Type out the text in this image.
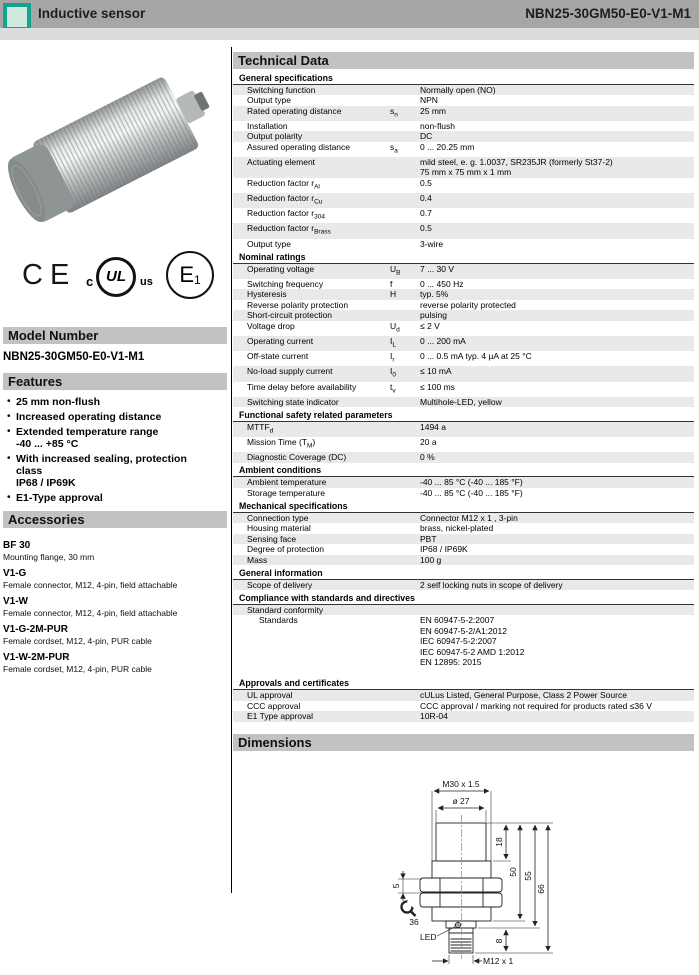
Inductive sensor	NBN25-30GM50-E0-V1-M1
CE c UL	us	E1
Model Number
NBN25-30GM50-E0-V1-M1
Features
• 25 mm non-flush
• Increased operating distance
• Extended temperature range
-40 ... +85 °C
• With increased sealing, protection
class
IP68 / IP69K
• E1-Type approval
Accessories
BF 30
Mounting flange, 30 mm
V1-G
Female connector, M12, 4-pin, field attachable
V1-W
Female connector, M12, 4-pin, field attachable
V1-G-2M-PUR
Female cordset, M12, 4-pin, PUR cable
V1-W-2M-PUR
Female cordset, M12, 4-pin, PUR cable
Technical Data
General specifications
Switching function	Normally open (NO)
Output type	NPN
Rated operating distance	$s_n$	25 mm
Installation	non-flush
Output polarity	DC
Assured operating distance	$s_a$	0 ... 20.25 mm
Actuating element	mild steel, e. g. 1.0037, SR235JR (formerly St37-2)
75 mm x 75 mm x 1 mm
Reduction factor $r_{Al}$	0.5
Reduction factor $r_{Cu}$	0.4
Reduction factor $r_{304}$	0.7
Reduction factor $r_{Brass}$	0.5
Output type	3-wire
Nominal ratings
Operating voltage	$U_B$	7 ... 30 V
Switching frequency	f	0 ... 450 Hz
Hysteresis	H	typ. 5%
Reverse polarity protection	reverse polarity protected
Short-circuit protection	pulsing
Voltage drop	$U_d$	≤ 2 V
Operating current	$I_L$	0 ... 200 mA
Off-state current	$I_r$	0 ... 0.5 mA typ. 4 µA at 25 °C
No-load supply current	$I_0$	≤ 10 mA
Time delay before availability	$t_v$	≤ 100 ms
Switching state indicator	Multihole-LED, yellow
Functional safety related parameters
$MTTF_d$	1494 a
Mission Time $(T_M)$	20 a
Diagnostic Coverage (DC)	0 %
Ambient conditions
Ambient temperature	-40 ... 85 °C (-40 ... 185 °F)
Storage temperature	-40 ... 85 °C (-40 ... 185 °F)
Mechanical specifications
Connection type	Connector M12 x 1 , 3-pin
Housing material	brass, nickel-plated
Sensing face	PBT
Degree of protection	IP68 / IP69K
Mass	100 g
General information
Scope of delivery	2 self locking nuts in scope of delivery
Compliance with standards and directives
Standard conformity
Standards	EN 60947-5-2:2007
EN 60947-5-2/A1:2012
IEC 60947-5-2:2007
IEC 60947-5-2 AMD 1:2012
EN 12895: 2015
Approvals and certificates
UL approval	cULus Listed, General Purpose, Class 2 Power Source
CCC approval	CCC approval / marking not required for products rated ≤36 V
E1 Type approval	10R-04
Dimensions
M30 x 1.5
ø 27
18
50 55
66
8
5
36
LED
M12 x 1
